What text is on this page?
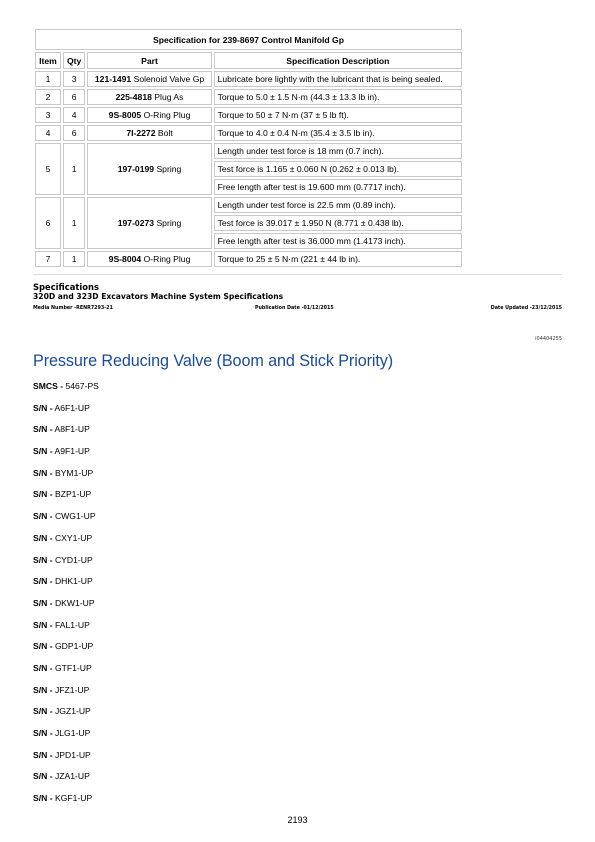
Specification for 239-8697 Control Manifold Gp			
Item	Qty	Part	Specification Description
1	3	121-1491 Solenoid Valve Gp	Lubricate bore lightly with the lubricant that is being sealed.
2	6	225-4818 Plug As	Torque to 5.0 ± 1.5 N·m (44.3 ± 13.3 lb in).
3	4	9S-8005 O-Ring Plug	Torque to 50 ± 7 N·m (37 ± 5 lb ft).
4	6	7I-2272 Bolt	Torque to 4.0 ± 0.4 N·m (35.4 ± 3.5 lb in).
5	1	197-0199 Spring	Length under test force is 18 mm (0.7 inch).
			Test force is 1.165 ± 0.060 N (0.262 ± 0.013 lb).
			Free length after test is 19.600 mm (0.7717 inch).
6	1	197-0273 Spring	Length under test force is 22.5 mm (0.89 inch).
			Test force is 39.017 ± 1.950 N (8.771 ± 0.438 lb).
			Free length after test is 36.000 mm (1.4173 inch).
7	1	9S-8004 O-Ring Plug	Torque to 25 ± 5 N·m (221 ± 44 lb in).
Specifications
320D and 323D Excavators Machine System Specifications
Media Number -RENR7293-21	Publication Date -01/12/2015	Date Updated -23/12/2015
i04404255
Pressure Reducing Valve (Boom and Stick Priority)
SMCS - 5467-PS
S/N - A6F1-UP
S/N - A8F1-UP
S/N - A9F1-UP
S/N - BYM1-UP
S/N - BZP1-UP
S/N - CWG1-UP
S/N - CXY1-UP
S/N - CYD1-UP
S/N - DHK1-UP
S/N - DKW1-UP
S/N - FAL1-UP
S/N - GDP1-UP
S/N - GTF1-UP
S/N - JFZ1-UP
S/N - JGZ1-UP
S/N - JLG1-UP
S/N - JPD1-UP
S/N - JZA1-UP
S/N - KGF1-UP
2193
